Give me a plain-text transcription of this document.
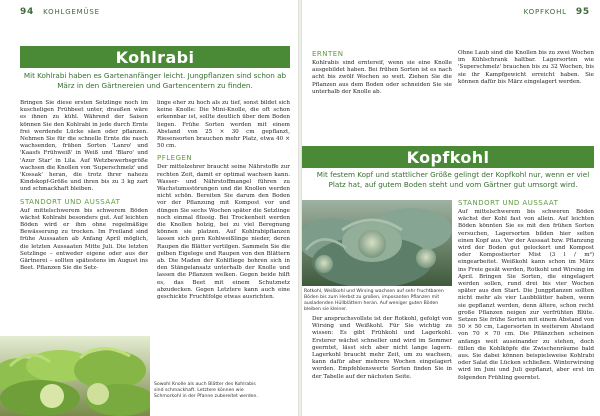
94 KOHLGEMÜSE
Kohlrabi
Mit Kohlrabi haben es Gartenanfänger leicht. Jungpflanzen sind schon ab März in den Gärtnereien und Gartencentern zu finden.

Bringen Sie diese ersten Setzlinge noch im kuscheligen Frühbeet unter, draußen wäre es ihnen zu kühl. Während der Saison können Sie den Kohlrabi in jede durch Ernte frei werdende Lücke säen oder pflanzen. Nehmen Sie für die schnelle Ernte die rasch wachsenden, frühen Sorten 'Lanro' und 'Kaasfs Frühweiß' in Weiß und 'Blaro' und 'Azur Star' in Lila. Auf Wetzbewerbsgröße wachsen die Knollen von 'Superschmelz' und 'Kossak' heran, die trotz ihrer nahezu Kindskopf-Größe und ihren bis zu 3 kg zart und schmackhaft bleiben.

STANDORT UND AUSSAAT

Auf mittelschwerem bis schwerem Böden wächst Kohlrabi besonders gut. Auf leichten Böden wird er ihm ohne regelmäßige Bewässerung zu trocken. Im Freiland sind frühe Aussaaten ab Anfang April möglich, die letzten Aussaaten Mitte Juli. Die letzten Setzlinge – entweder eigene oder aus der Gärtnerei – sollten spätestens im August ins Beet. Pflanzen Sie die Setz-

linge eher zu hoch als zu tief, sonst bildet sich keine Knolle: Die Mini-Knolle, die oft schon erkennbar ist, sollte deutlich über dem Boden liegen. Frühe Sorten werden mit einem Abstand von 25 × 30 cm gepflanzt, Riesensorten brauchen mehr Platz, etwa 40 × 50 cm.

PFLEGEN

Der mittelzehrer braucht seine Nährstoffe zur rechten Zeit, damit er optimal wachsen kann. Wasser- und Nährstoffmangel führen zu Wachstumsstörungen und die Knollen werden nicht schön. Bereiten Sie darum den Boden vor der Pflanzung mit Kompost vor und düngen Sie sechs Wochen später die Setzlinge noch einmal flüssig. Bei Trockenheit werden die Knollen holzig, bei zu viel Beregnung können sie platzen. Auf Kohlrabipflanzen lassen sich gern Kohlweißlinge nieder, deren Raupen die Blätter vertilgen. Sammeln Sie die gelben Eigelege und Raupen von den Blättern ab. Die Maden der Kohlfliege bohren sich in den Stängelansatz unterhalb der Knolle und lassen die Pflanzen welken. Gegen beide hilft es, das Beet mit einem Schutznetz abzudecken. Gegen Letztere kann auch eine geschickte Fruchtfolge etwas ausrichten.

Sowohl Knolle als auch Blätter des Kohlrabis sind schmackhaft. Letztere können wie Schmorkohl in der Pfanne zubereitet werden.
KOPFKOHL 95
ERNTEN

Kohlrabis sind erntereif, wenn sie eine Knolle ausgebildet haben. Bei frühen Sorten ist es nach acht bis zwölf Wochen so weit. Ziehen Sie die Pflanzen aus dem Boden oder schneiden Sie sie unterhalb der Knolle ab.

Ohne Laub sind die Knollen bis zu zwei Wochen im Kühlschrank haltbar. Lagersorten wie 'Superschmelz' brauchen bis zu 32 Wochen, bis sie ihr Kampfgewicht erreicht haben. Sie können dafür bis März eingelagert werden.

Kopfkohl
Mit festem Kopf und stattlicher Größe gelingt der Kopfkohl nur, wenn er viel Platz hat, auf gutem Boden steht und vom Gärtner gut umsorgt wird.
Rotkohl, Weißkohl und Wirsing wachsen auf sehr fruchtbaren Böden bis zum Herbst zu großen, imposanten Pflanzen mit ausladenden Hüllblättern heran. Auf weniger guten Böden bleiben sie kleiner.

Der anspruchsvollste ist der Rotkohl, gefolgt von Wirsing und Weißkohl. Für Sie wichtig zu wissen: Es gibt Frühkohl und Lagerkohl. Ersterer wächst schneller und wird im Sommer geerntet, lässt sich aber nicht lange lagern. Lagerkohl braucht mehr Zeit, um zu wachsen, kann dafür aber mehrere Wochen eingelagert werden. Empfehlenswerte Sorten finden Sie in der Tabelle auf der nächsten Seite.

STANDORT UND AUSSAAT

Auf mittelschwerem bis schweren Böden wächst der Kohl fast von allein. Auf leichten Böden könnten Sie es mit den frühen Sorten versuchen, Lagersorten bilden hier selten einen Kopf aus. Vor der Aussaat bzw. Pflanzung wird der Boden gut gelockert und Kompost oder Kompostierter Mist (3 l / m²) eingearbeitet. Weißkohl kann schon im März ins Freie gesät werden, Rotkohl und Wirsing im April. Bringen Sie Sorten, die eingelagert werden sollen, rund drei bis vier Wochen später aus den Start. Die Jungpflanzen sollten nicht mehr als vier Laubblätter haben, wenn sie gepflanzt werden, denn ältere, schon recht große Pflanzen neigen zur verfrühten Blüte. Setzen Sie frühe Sorten mit einem Abstand von 50 × 50 cm, Lagersorten in weiterem Abstand von 70 × 70 cm. Die Pflänzchen scheinen anfangs weit auseinander zu stehen, doch füllen die Kohlköpfe die Zwischenräume bald aus. Sie dabei können beispielsweise Kohlrabi oder Salat die Lücken schließen. Winterwirsing wird im Juni und Juli gepflanzt, aber erst im folgenden Frühling geerntet.
